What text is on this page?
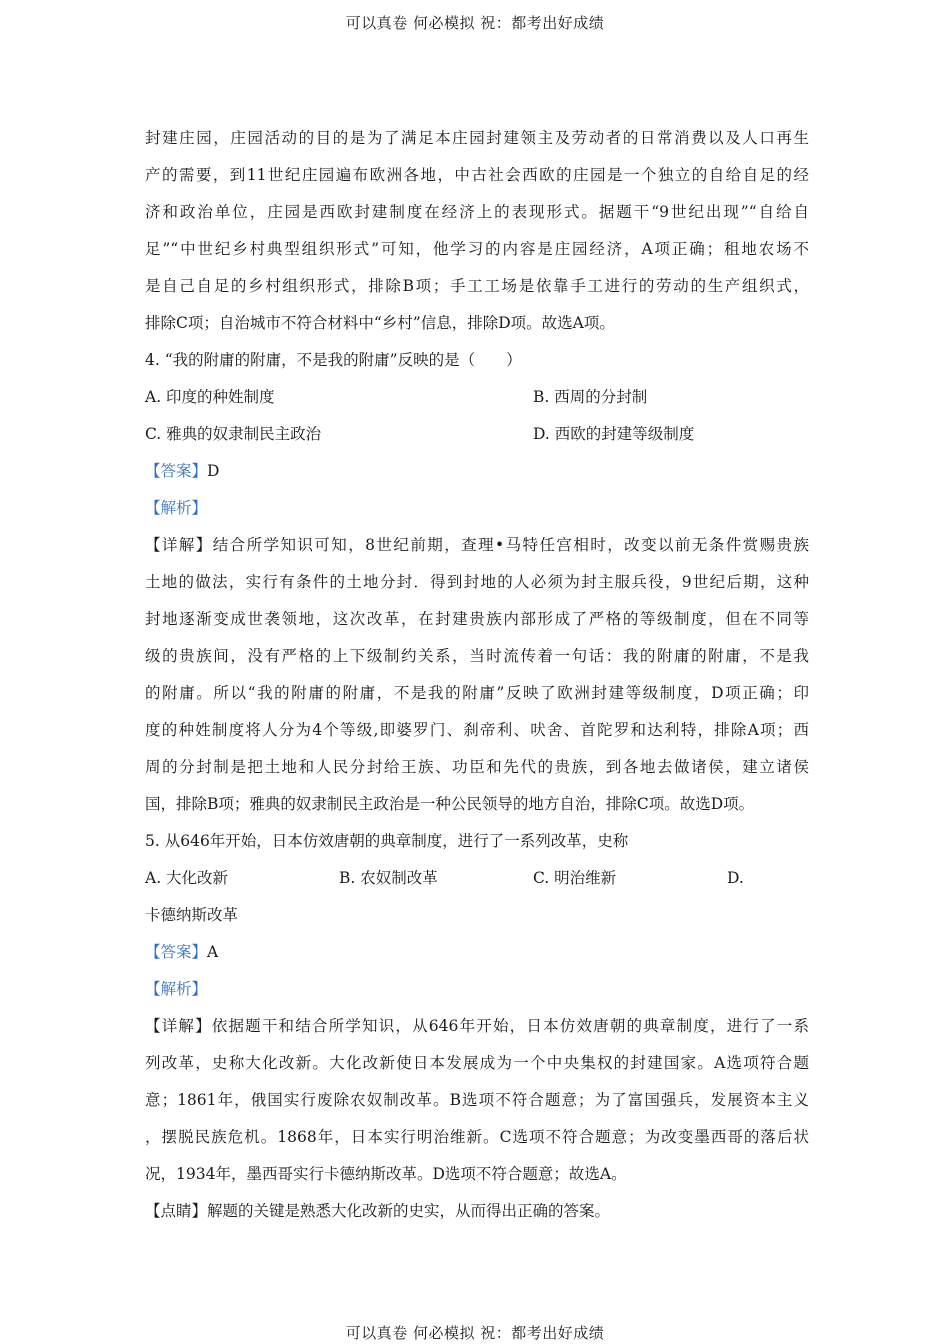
可以真卷 何必模拟 祝：都考出好成绩
封建庄园，庄园活动的目的是为了满足本庄园封建领主及劳动者的日常消费以及人口再生
产的需要，到11世纪庄园遍布欧洲各地，中古社会西欧的庄园是一个独立的自给自足的经
济和政治单位，庄园是西欧封建制度在经济上的表现形式。据题干“9世纪出现”“自给自
足”“中世纪乡村典型组织形式”可知，他学习的内容是庄园经济，A项正确；租地农场不
是自己自足的乡村组织形式，排除B项；手工工场是依靠手工进行的劳动的生产组织式，
排除C项；自治城市不符合材料中“乡村”信息，排除D项。故选A项。
4. “我的附庸的附庸，不是我的附庸”反映的是（　　）
A. 印度的种姓制度	B. 西周的分封制
C. 雅典的奴隶制民主政治	D. 西欧的封建等级制度
【答案】D
【解析】
【详解】结合所学知识可知，8世纪前期，查理•马特任宫相时，改变以前无条件赏赐贵族
土地的做法，实行有条件的土地分封．得到封地的人必须为封主服兵役，9世纪后期，这种
封地逐渐变成世袭领地，这次改革，在封建贵族内部形成了严格的等级制度，但在不同等
级的贵族间，没有严格的上下级制约关系，当时流传着一句话：我的附庸的附庸，不是我
的附庸。所以“我的附庸的附庸，不是我的附庸”反映了欧洲封建等级制度，D项正确；印
度的种姓制度将人分为4个等级,即婆罗门、刹帝利、吠舍、首陀罗和达利特，排除A项；西
周的分封制是把土地和人民分封给王族、功臣和先代的贵族，到各地去做诸侯，建立诸侯
国，排除B项；雅典的奴隶制民主政治是一种公民领导的地方自治，排除C项。故选D项。
5. 从646年开始，日本仿效唐朝的典章制度，进行了一系列改革，史称
A. 大化改新	B. 农奴制改革	C. 明治维新	D.
卡德纳斯改革
【答案】A
【解析】
【详解】依据题干和结合所学知识，从646年开始，日本仿效唐朝的典章制度，进行了一系
列改革，史称大化改新。大化改新使日本发展成为一个中央集权的封建国家。A选项符合题
意；1861年，俄国实行废除农奴制改革。B选项不符合题意；为了富国强兵，发展资本主义
，摆脱民族危机。1868年，日本实行明治维新。C选项不符合题意；为改变墨西哥的落后状
况，1934年，墨西哥实行卡德纳斯改革。D选项不符合题意；故选A。
【点睛】解题的关键是熟悉大化改新的史实，从而得出正确的答案。
可以真卷 何必模拟 祝：都考出好成绩
